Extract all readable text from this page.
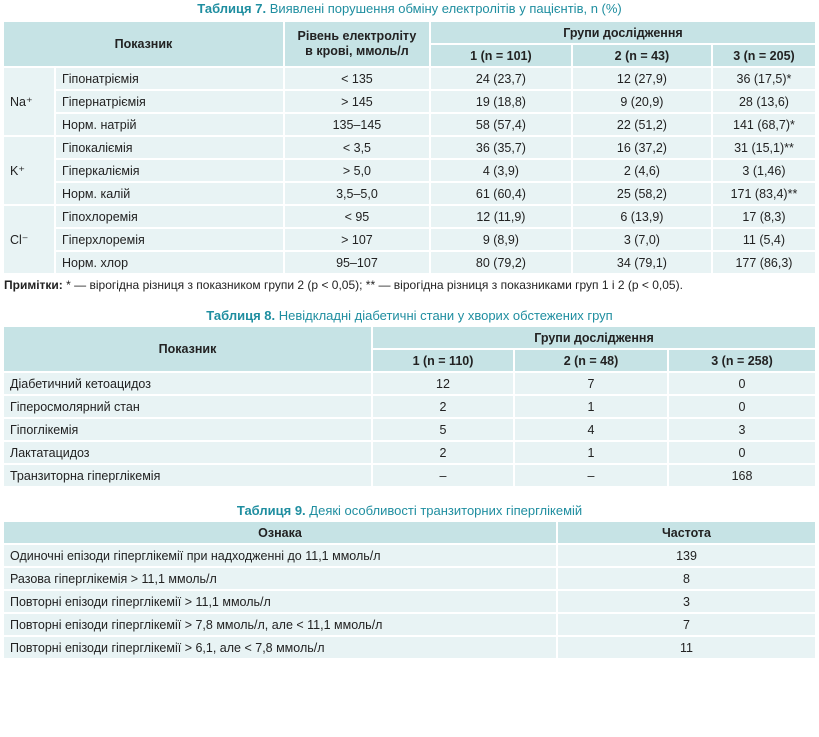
Таблиця 7. Виявлені порушення обміну електролітів у пацієнтів, n (%)
Показник		Рівень електроліту
в крові, ммоль/л	Групи дослідження		
			1 (n = 101)	2 (n = 43)	3 (n = 205)
Na⁺	Гіпонатріємія	< 135	24 (23,7)	12 (27,9)	36 (17,5)*
	Гіпернатріємія	> 145	19 (18,8)	9 (20,9)	28 (13,6)
	Норм. натрій	135–145	58 (57,4)	22 (51,2)	141 (68,7)*
K⁺	Гіпокаліємія	< 3,5	36 (35,7)	16 (37,2)	31 (15,1)**
	Гіперкаліємія	> 5,0	4 (3,9)	2 (4,6)	3 (1,46)
	Норм. калій	3,5–5,0	61 (60,4)	25 (58,2)	171 (83,4)**
Cl⁻	Гіпохлоремія	< 95	12 (11,9)	6 (13,9)	17 (8,3)
	Гіперхлоремія	> 107	9 (8,9)	3 (7,0)	11 (5,4)
	Норм. хлор	95–107	80 (79,2)	34 (79,1)	177 (86,3)
Примітки: * — вірогідна різниця з показником групи 2 (p < 0,05); ** — вірогідна різниця з показниками груп 1 і 2 (p < 0,05).
Таблиця 8. Невідкладні діабетичні стани у хворих обстежених груп
Показник	Групи дослідження		
	1 (n = 110)	2 (n = 48)	3 (n = 258)
Діабетичний кетоацидоз	12	7	0
Гіперосмолярний стан	2	1	0
Гіпоглікемія	5	4	3
Лактатацидоз	2	1	0
Транзиторна гіперглікемія	–	–	168
Таблиця 9. Деякі особливості транзиторних гіперглікемій
Ознака	Частота
Одиночні епізоди гіперглікемії при надходженні до 11,1 ммоль/л	139
Разова гіперглікемія > 11,1 ммоль/л	8
Повторні епізоди гіперглікемії > 11,1 ммоль/л	3
Повторні епізоди гіперглікемії > 7,8 ммоль/л, але < 11,1 ммоль/л	7
Повторні епізоди гіперглікемії > 6,1, але < 7,8 ммоль/л	11
